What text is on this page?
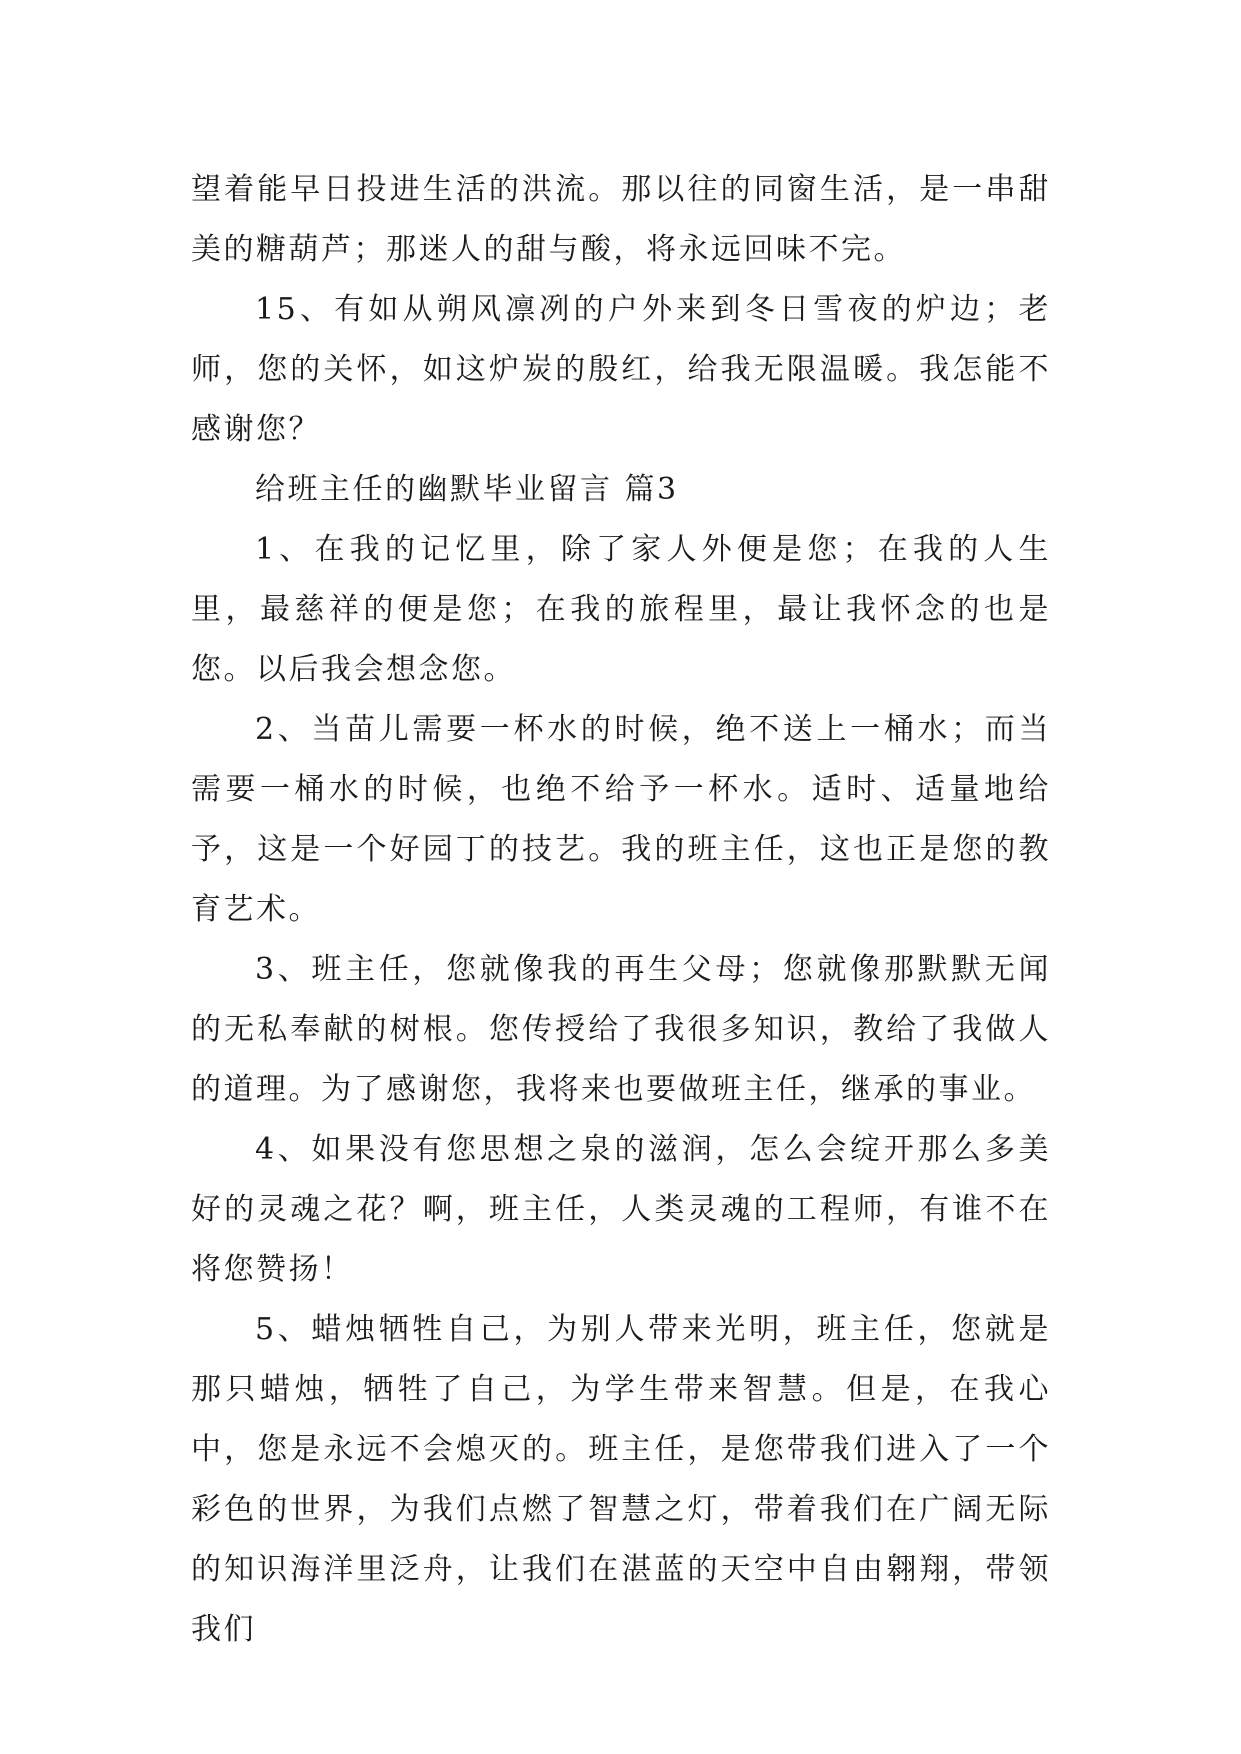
望着能早日投进生活的洪流。那以往的同窗生活，是一串甜美的糖葫芦；那迷人的甜与酸，将永远回味不完。

15、有如从朔风凛冽的户外来到冬日雪夜的炉边；老师，您的关怀，如这炉炭的殷红，给我无限温暖。我怎能不感谢您？

给班主任的幽默毕业留言 篇3

1、在我的记忆里，除了家人外便是您；在我的人生里，最慈祥的便是您；在我的旅程里，最让我怀念的也是您。以后我会想念您。

2、当苗儿需要一杯水的时候，绝不送上一桶水；而当需要一桶水的时候，也绝不给予一杯水。适时、适量地给予，这是一个好园丁的技艺。我的班主任，这也正是您的教育艺术。

3、班主任，您就像我的再生父母；您就像那默默无闻的无私奉献的树根。您传授给了我很多知识，教给了我做人的道理。为了感谢您，我将来也要做班主任，继承的事业。

4、如果没有您思想之泉的滋润，怎么会绽开那么多美好的灵魂之花？啊，班主任，人类灵魂的工程师，有谁不在将您赞扬！

5、蜡烛牺牲自己，为别人带来光明，班主任，您就是那只蜡烛，牺牲了自己，为学生带来智慧。但是，在我心中，您是永远不会熄灭的。班主任，是您带我们进入了一个彩色的世界，为我们点燃了智慧之灯，带着我们在广阔无际的知识海洋里泛舟，让我们在湛蓝的天空中自由翱翔，带领我们
